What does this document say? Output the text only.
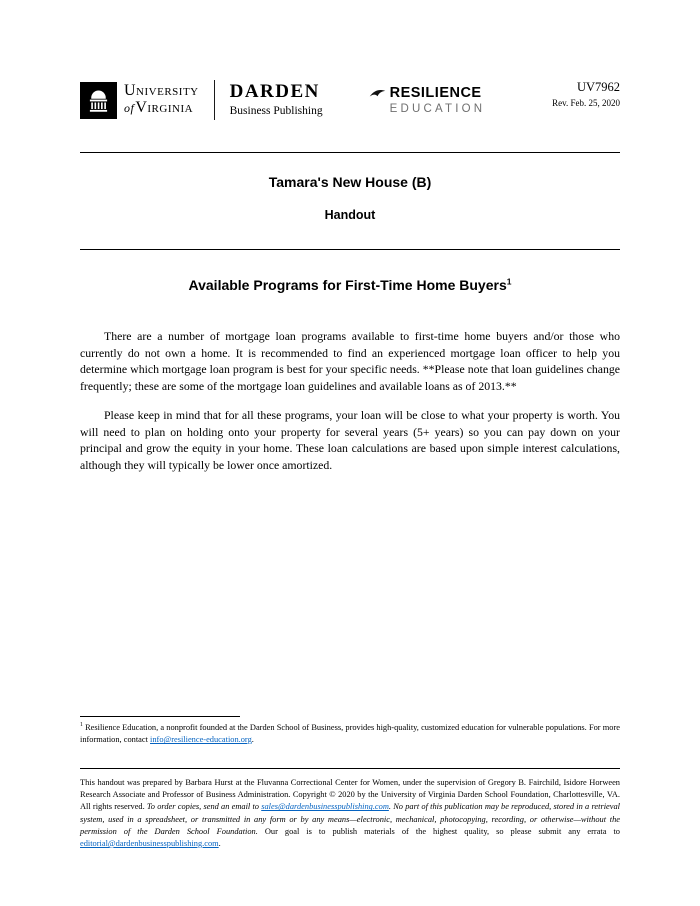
University
ofVirginia
DARDEN
Business Publishing
RESILIENCE
EDUCATION
UV7962
Rev. Feb. 25, 2020
Tamara's New House (B)
Handout
Available Programs for First-Time Home Buyers$^1$

There are a number of mortgage loan programs available to first-time home buyers and/or those who currently do not own a home. It is recommended to find an experienced mortgage loan officer to help you determine which mortgage loan program is best for your specific needs. **Please note that loan guidelines change frequently; these are some of the mortgage loan guidelines and available loans as of 2013.**

Please keep in mind that for all these programs, your loan will be close to what your property is worth. You will need to plan on holding onto your property for several years (5+ years) so you can pay down on your principal and grow the equity in your home. These loan calculations are based upon simple interest calculations, although they will typically be lower once amortized.

$^1$ Resilience Education, a nonprofit founded at the Darden School of Business, provides high-quality, customized education for vulnerable populations. For more information, contact info@resilience-education.org.

This handout was prepared by Barbara Hurst at the Fluvanna Correctional Center for Women, under the supervision of Gregory B. Fairchild, Isidore Horween Research Associate and Professor of Business Administration. Copyright © 2020 by the University of Virginia Darden School Foundation, Charlottesville, VA. All rights reserved. To order copies, send an email to sales@dardenbusinesspublishing.com. No part of this publication may be reproduced, stored in a retrieval system, used in a spreadsheet, or transmitted in any form or by any means—electronic, mechanical, photocopying, recording, or otherwise—without the permission of the Darden School Foundation. Our goal is to publish materials of the highest quality, so please submit any errata to editorial@dardenbusinesspublishing.com.
